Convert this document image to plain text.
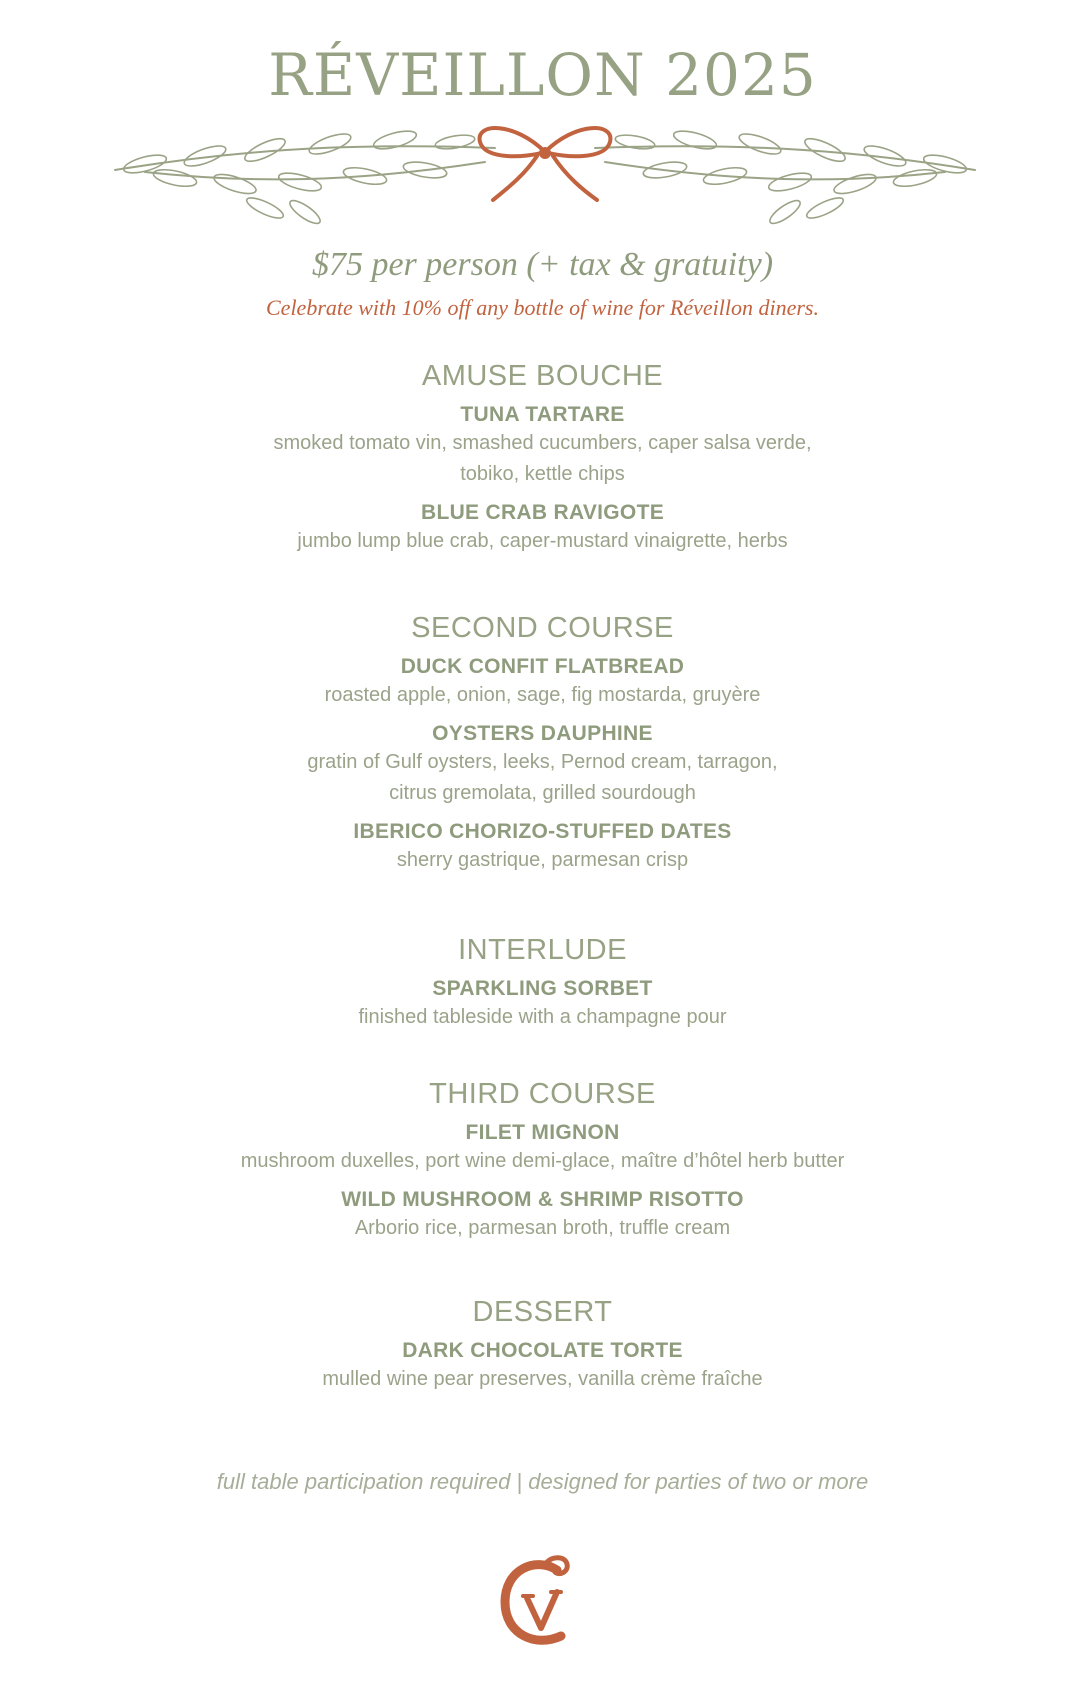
RÉVEILLON 2025
$75 per person (+ tax & gratuity)
Celebrate with 10% off any bottle of wine for Réveillon diners.
AMUSE BOUCHE

TUNA TARTARE

smoked tomato vin, smashed cucumbers, caper salsa verde,

tobiko, kettle chips

BLUE CRAB RAVIGOTE

jumbo lump blue crab, caper-mustard vinaigrette, herbs

SECOND COURSE

DUCK CONFIT FLATBREAD

roasted apple, onion, sage, fig mostarda, gruyère

OYSTERS DAUPHINE

gratin of Gulf oysters, leeks, Pernod cream, tarragon,

citrus gremolata, grilled sourdough

IBERICO CHORIZO-STUFFED DATES

sherry gastrique, parmesan crisp

INTERLUDE

SPARKLING SORBET

finished tableside with a champagne pour

THIRD COURSE

FILET MIGNON

mushroom duxelles, port wine demi-glace, maître d’hôtel herb butter

WILD MUSHROOM & SHRIMP RISOTTO

Arborio rice, parmesan broth, truffle cream

DESSERT

DARK CHOCOLATE TORTE

mulled wine pear preserves, vanilla crème fraîche

full table participation required | designed for parties of two or more
